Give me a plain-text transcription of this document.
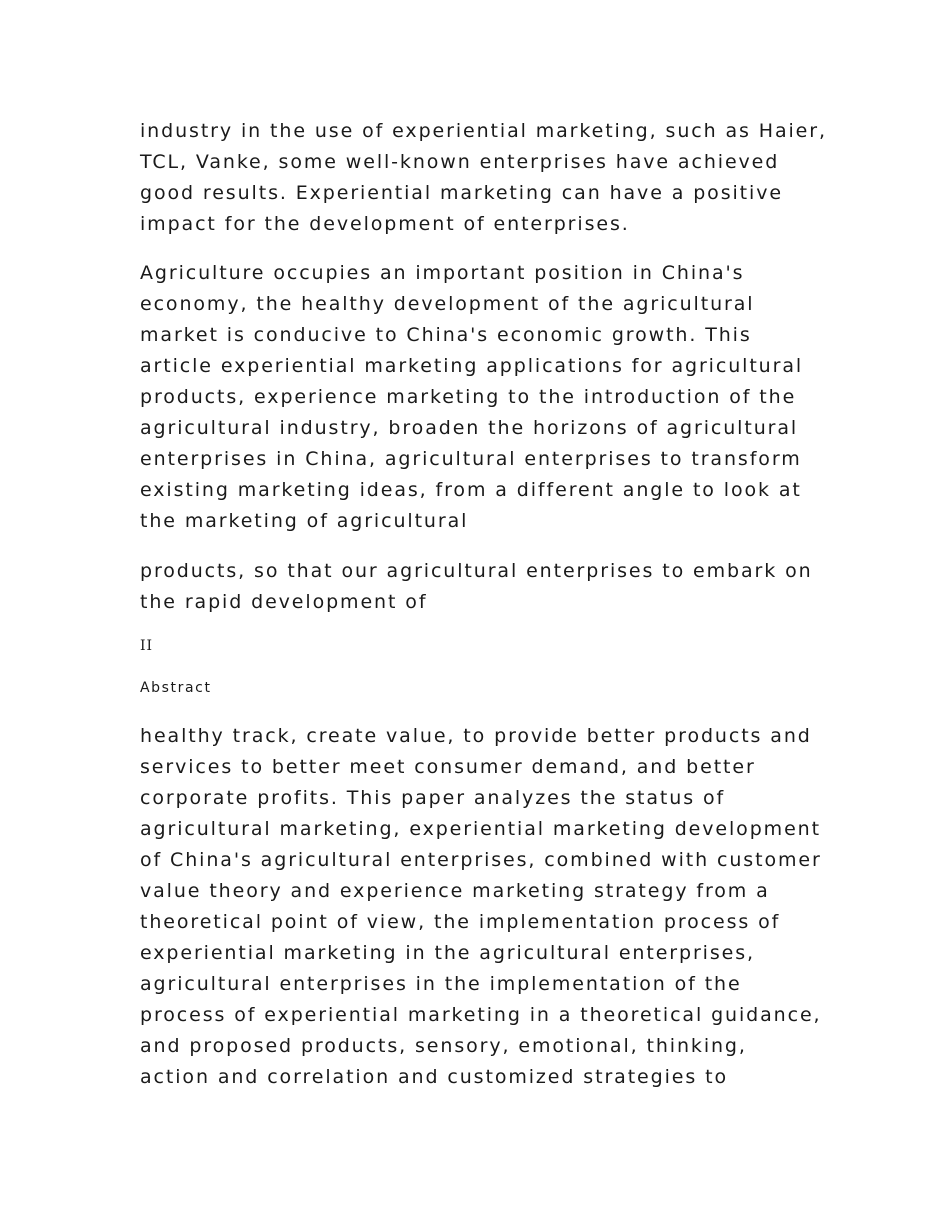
industry in the use of experiential marketing, such as Haier,
TCL, Vanke, some well-known enterprises have achieved
good results. Experiential marketing can have a positive
impact for the development of enterprises.
Agriculture occupies an important position in China's
economy, the healthy development of the agricultural
market is conducive to China's economic growth. This
article experiential marketing applications for agricultural
products, experience marketing to the introduction of the
agricultural industry, broaden the horizons of agricultural
enterprises in China, agricultural enterprises to transform
existing marketing ideas, from a different angle to look at
the marketing of agricultural
products, so that our agricultural enterprises to embark on
the rapid development of
II
Abstract
healthy track, create value, to provide better products and
services to better meet consumer demand, and better
corporate profits. This paper analyzes the status of
agricultural marketing, experiential marketing development
of China's agricultural enterprises, combined with customer
value theory and experience marketing strategy from a
theoretical point of view, the implementation process of
experiential marketing in the agricultural enterprises,
agricultural enterprises in the implementation of the
process of experiential marketing in a theoretical guidance,
and proposed products, sensory, emotional, thinking,
action and correlation and customized strategies to
